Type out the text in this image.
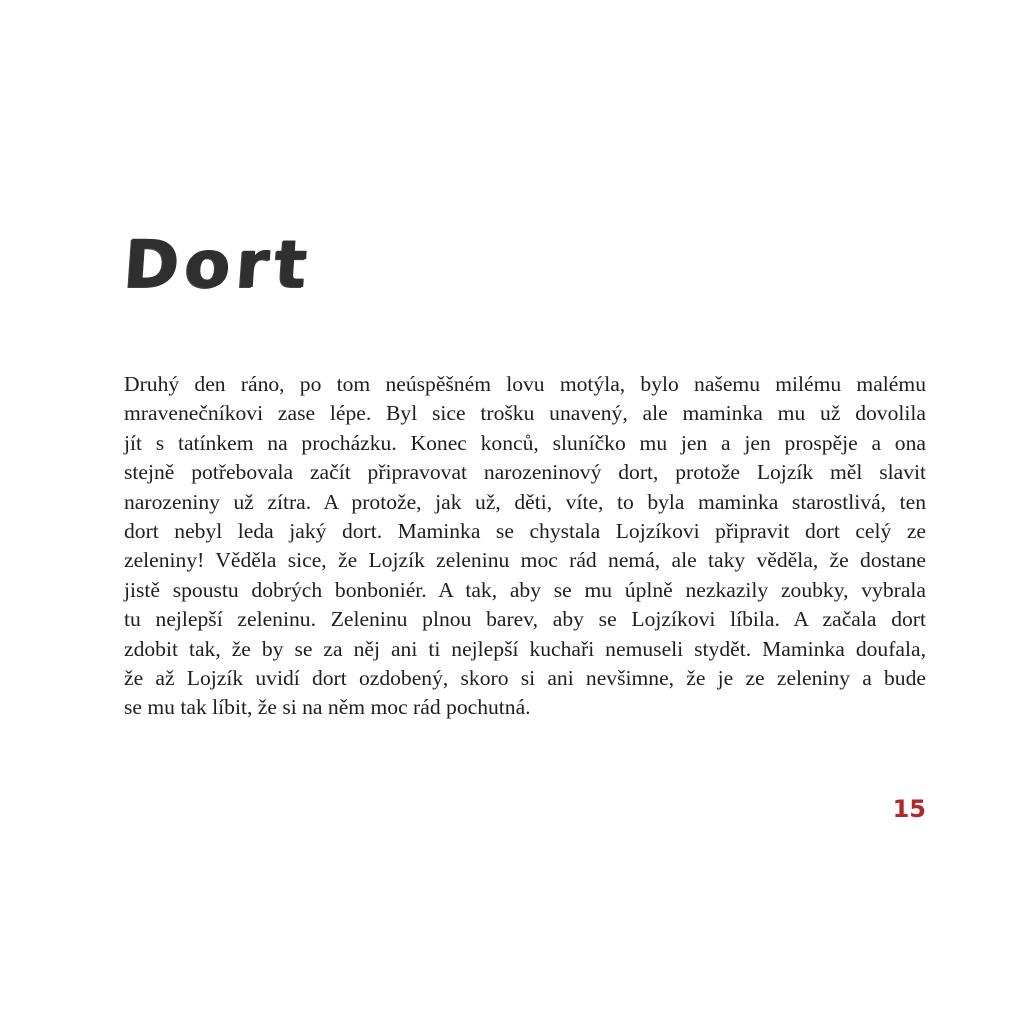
Dort
Druhý den ráno, po tom neúspěšném lovu motýla, bylo našemu milému malému
mravenečníkovi zase lépe. Byl sice trošku unavený, ale maminka mu už dovolila
jít s tatínkem na procházku. Konec konců, sluníčko mu jen a jen prospěje a ona
stejně potřebovala začít připravovat narozeninový dort, protože Lojzík měl slavit
narozeniny už zítra. A protože, jak už, děti, víte, to byla maminka starostlivá, ten
dort nebyl leda jaký dort. Maminka se chystala Lojzíkovi připravit dort celý ze
zeleniny! Věděla sice, že Lojzík zeleninu moc rád nemá, ale taky věděla, že dostane
jistě spoustu dobrých bonboniér. A tak, aby se mu úplně nezkazily zoubky, vybrala
tu nejlepší zeleninu. Zeleninu plnou barev, aby se Lojzíkovi líbila. A začala dort
zdobit tak, že by se za něj ani ti nejlepší kuchaři nemuseli stydět. Maminka doufala,
že až Lojzík uvidí dort ozdobený, skoro si ani nevšimne, že je ze zeleniny a bude
se mu tak líbit, že si na něm moc rád pochutná.
15
